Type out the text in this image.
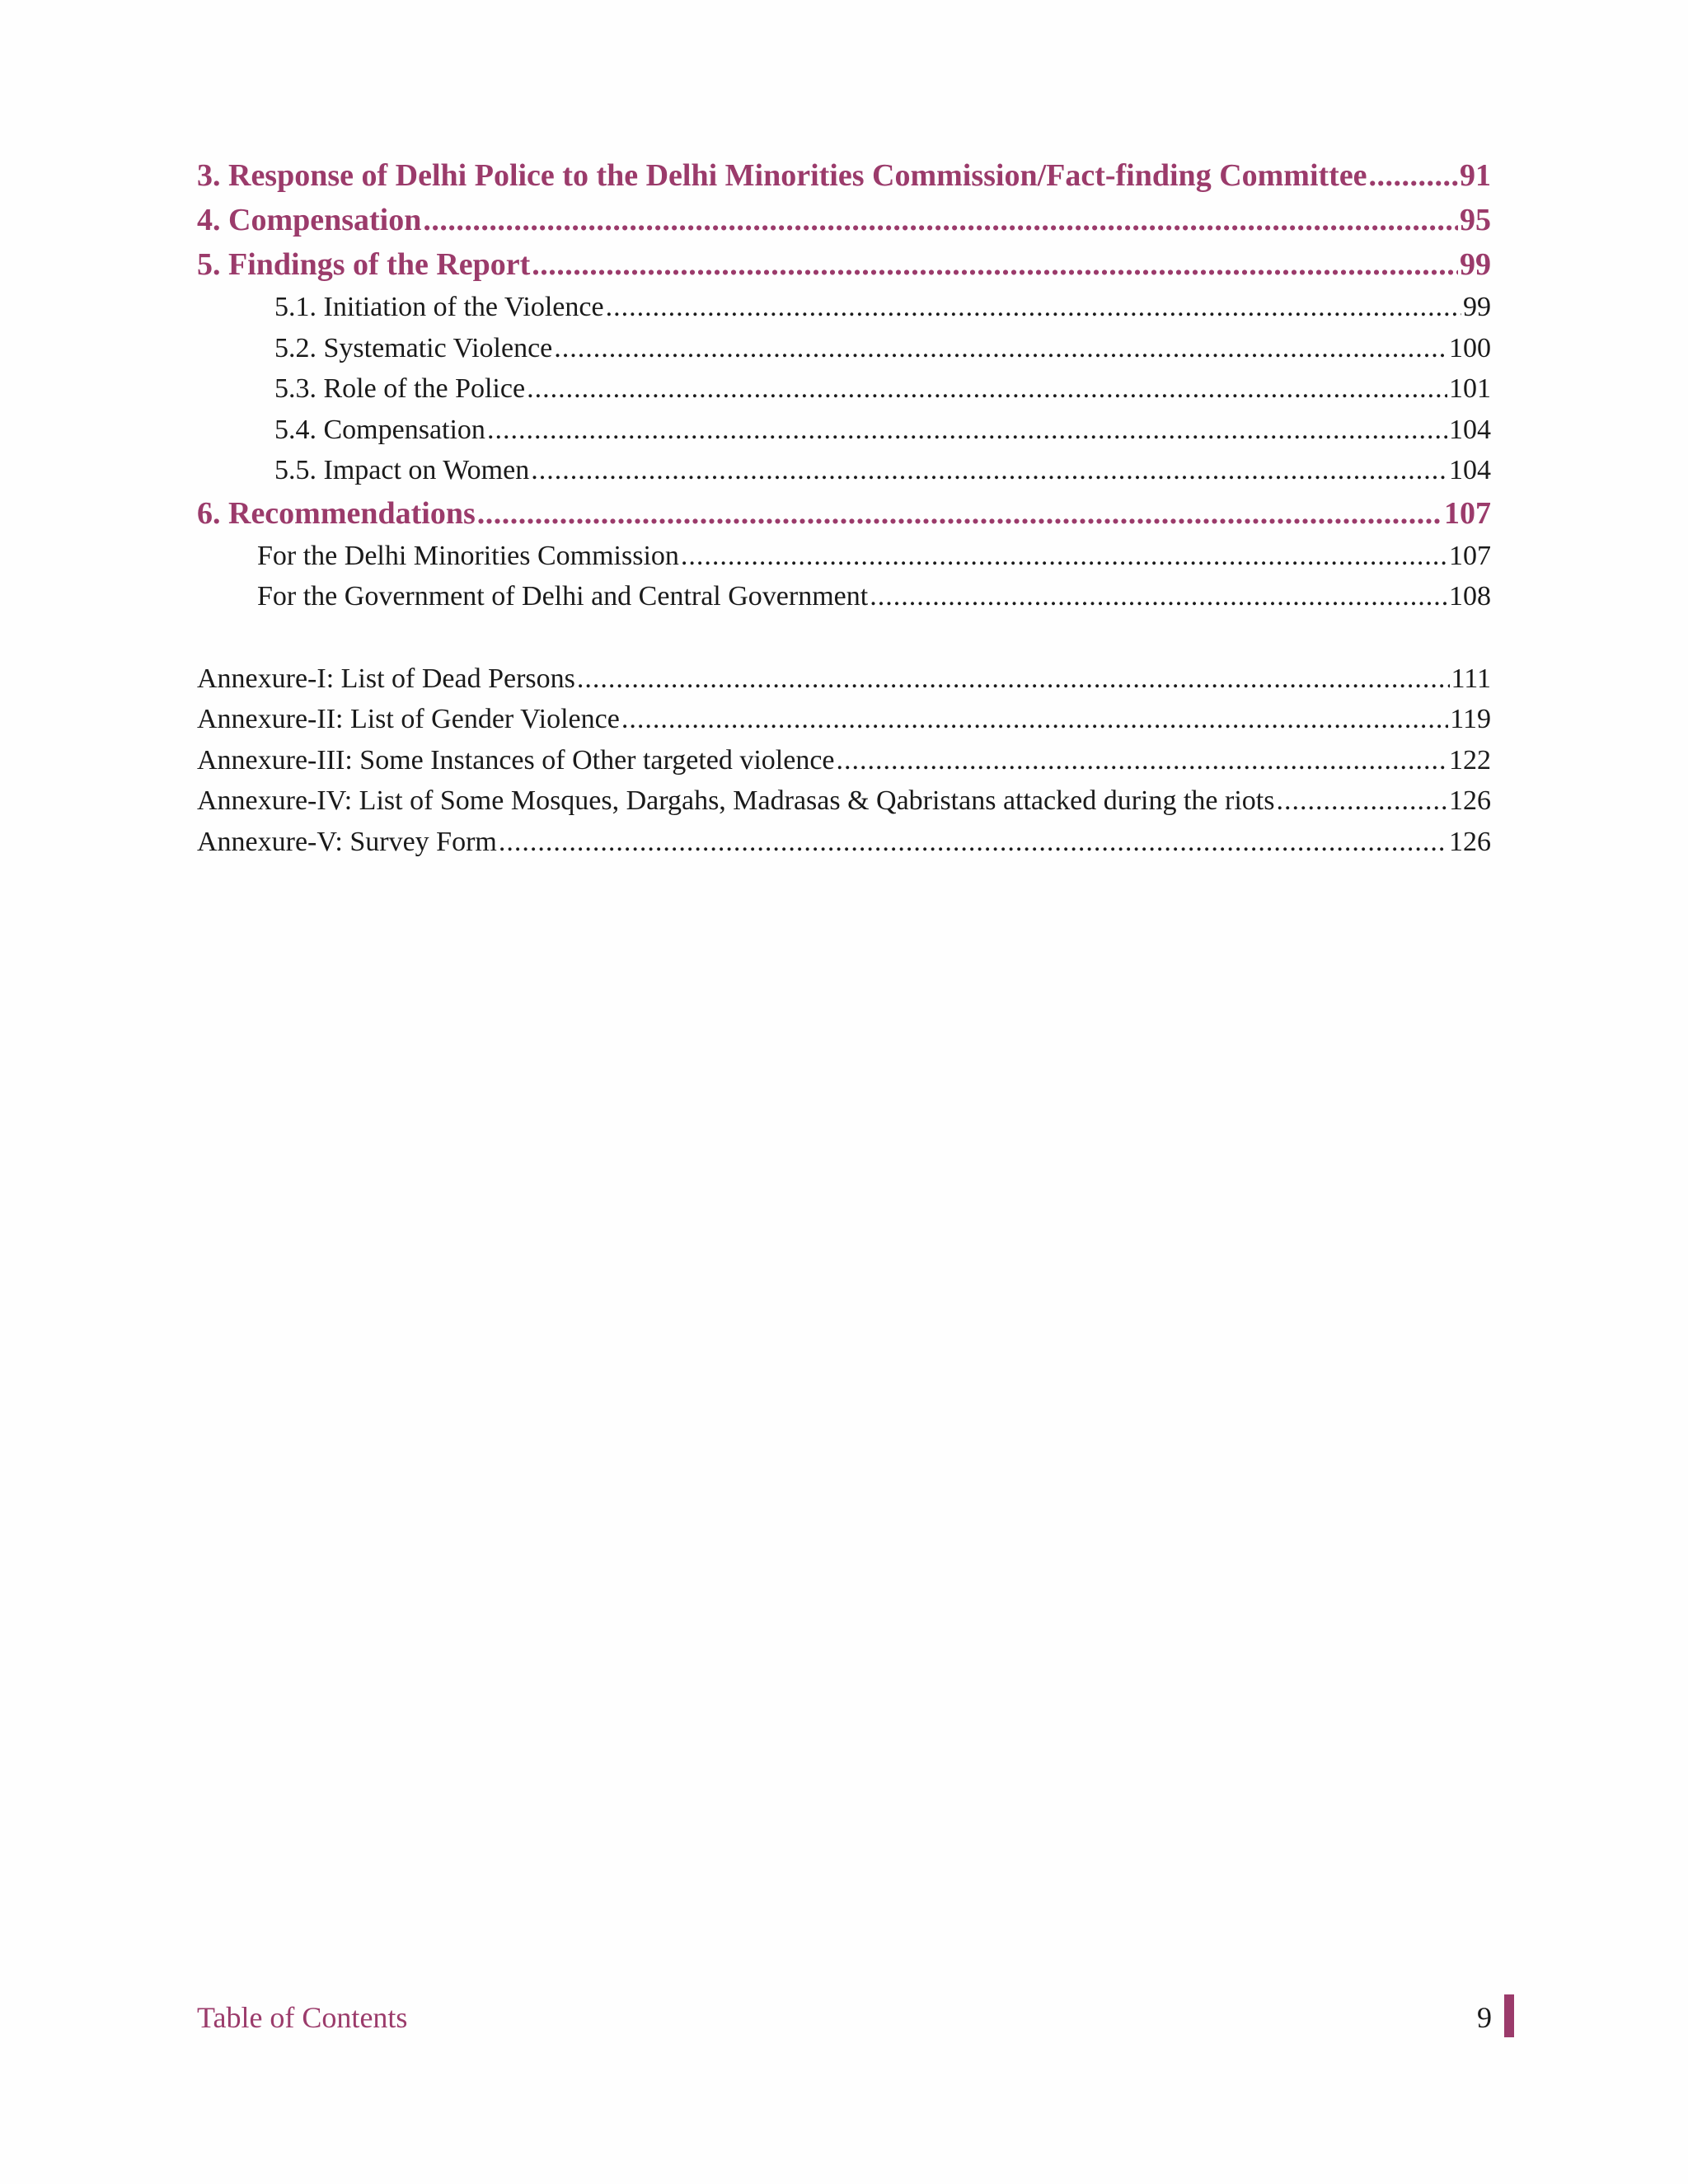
3. Response of Delhi Police to the Delhi Minorities Commission/Fact-finding Committee .....	91
4. Compensation .....	95
5. Findings of the Report .....	99
5.1. Initiation of the Violence .....	99
5.2. Systematic Violence .....	100
5.3. Role of the Police .....	101
5.4. Compensation .....	104
5.5. Impact on Women .....	104
6. Recommendations .....	107
For the Delhi Minorities Commission .....	107
For the Government of Delhi and Central Government .....	108
Annexure-I: List of Dead Persons .....	111
Annexure-II: List of Gender Violence .....	119
Annexure-III: Some Instances of Other targeted violence .....	122
Annexure-IV: List of Some Mosques, Dargahs, Madrasas & Qabristans attacked during the riots .....	126
Annexure-V: Survey Form .....	126
Table of Contents	9
